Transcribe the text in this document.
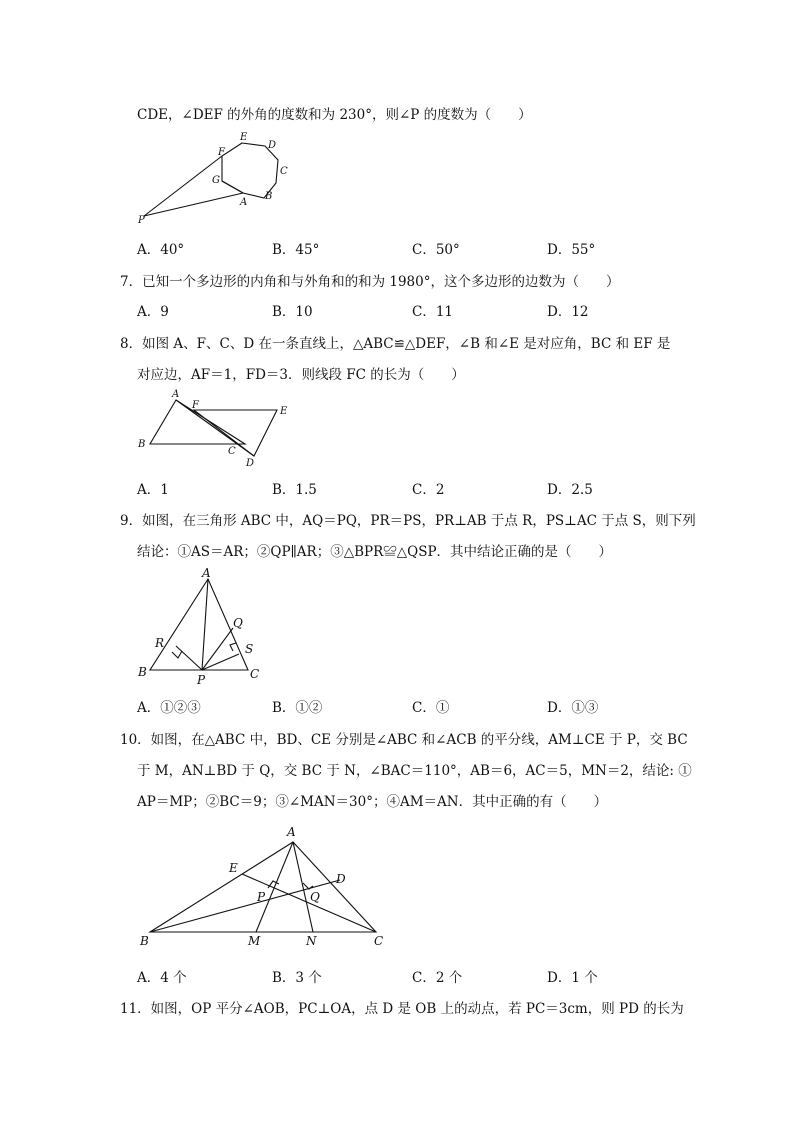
CDE，∠DEF 的外角的度数和为 230°，则∠P 的度数为（　　）
E
D
F
C
G
A
B
P
A．40°	B．45°	C．50°	D．55°
7．已知一个多边形的内角和与外角和的和为 1980°，这个多边形的边数为（　　）
A．9	B．10	C．11	D．12
8．如图 A、F、C、D 在一条直线上，△ABC≌△DEF，∠B 和∠E 是对应角，BC 和 EF 是
对应边，AF＝1，FD＝3．则线段 FC 的长为（　　）
A
F
E
B
C
D
A．1	B．1.5	C．2	D．2.5
9．如图，在三角形 ABC 中，AQ＝PQ，PR＝PS，PR⊥AB 于点 R，PS⊥AC 于点 S，则下列
结论：①AS＝AR；②QP∥AR；③△BPR≌△QSP．其中结论正确的是（　　）
A
R
Q
S
B
P	C
A．①②③	B．①②	C．①	D．①③
10．如图，在△ABC 中，BD、CE 分别是∠ABC 和∠ACB 的平分线，AM⊥CE 于 P，交 BC
于 M，AN⊥BD 于 Q，交 BC 于 N，∠BAC＝110°，AB＝6，AC＝5，MN＝2，结论: ①
AP＝MP；②BC＝9；③∠MAN＝30°；④AM＝AN．其中正确的有（　　）
A
E
D
P	Q
B	M	N	C
A．4 个	B．3 个	C．2 个	D．1 个
11．如图，OP 平分∠AOB，PC⊥OA，点 D 是 OB 上的动点，若 PC＝3cm，则 PD 的长为
